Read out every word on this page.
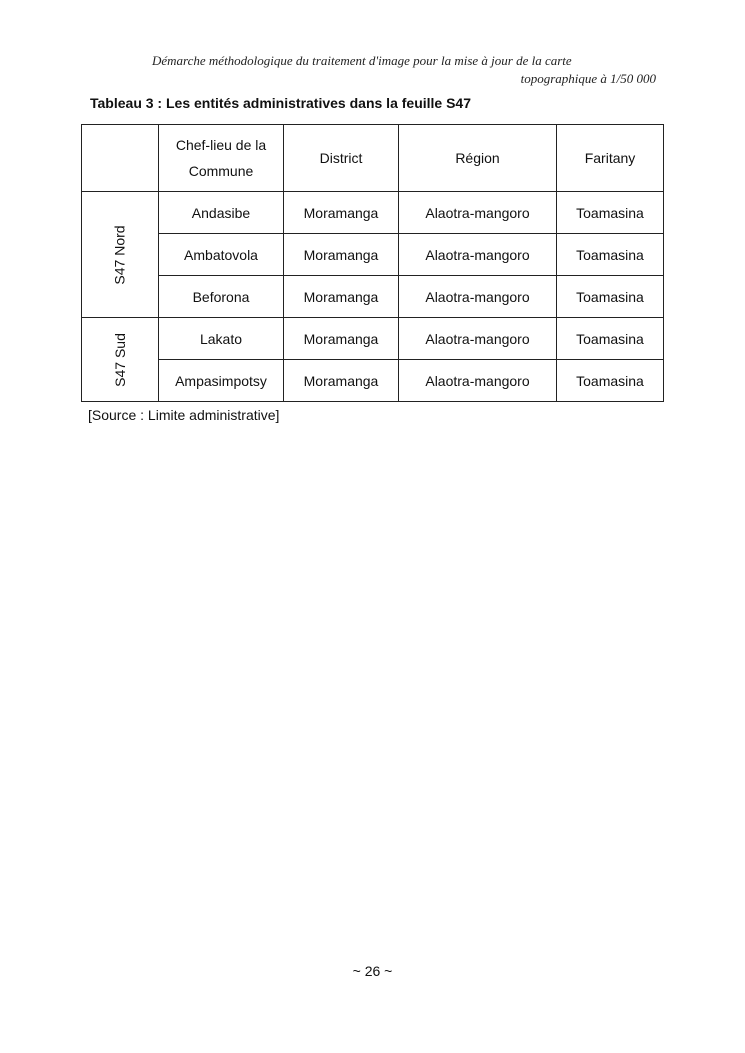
Démarche méthodologique du traitement d'image pour la mise à jour de la carte
topographique à 1/50 000
Tableau 3 : Les entités administratives dans la feuille S47
	Chef-lieu de la
Commune	District	Région	Faritany
S47 Nord	Andasibe	Moramanga	Alaotra-mangoro	Toamasina
	Ambatovola	Moramanga	Alaotra-mangoro	Toamasina
	Beforona	Moramanga	Alaotra-mangoro	Toamasina
S47 Sud	Lakato	Moramanga	Alaotra-mangoro	Toamasina
	Ampasimpotsy	Moramanga	Alaotra-mangoro	Toamasina
[Source : Limite administrative]
~ 26 ~
